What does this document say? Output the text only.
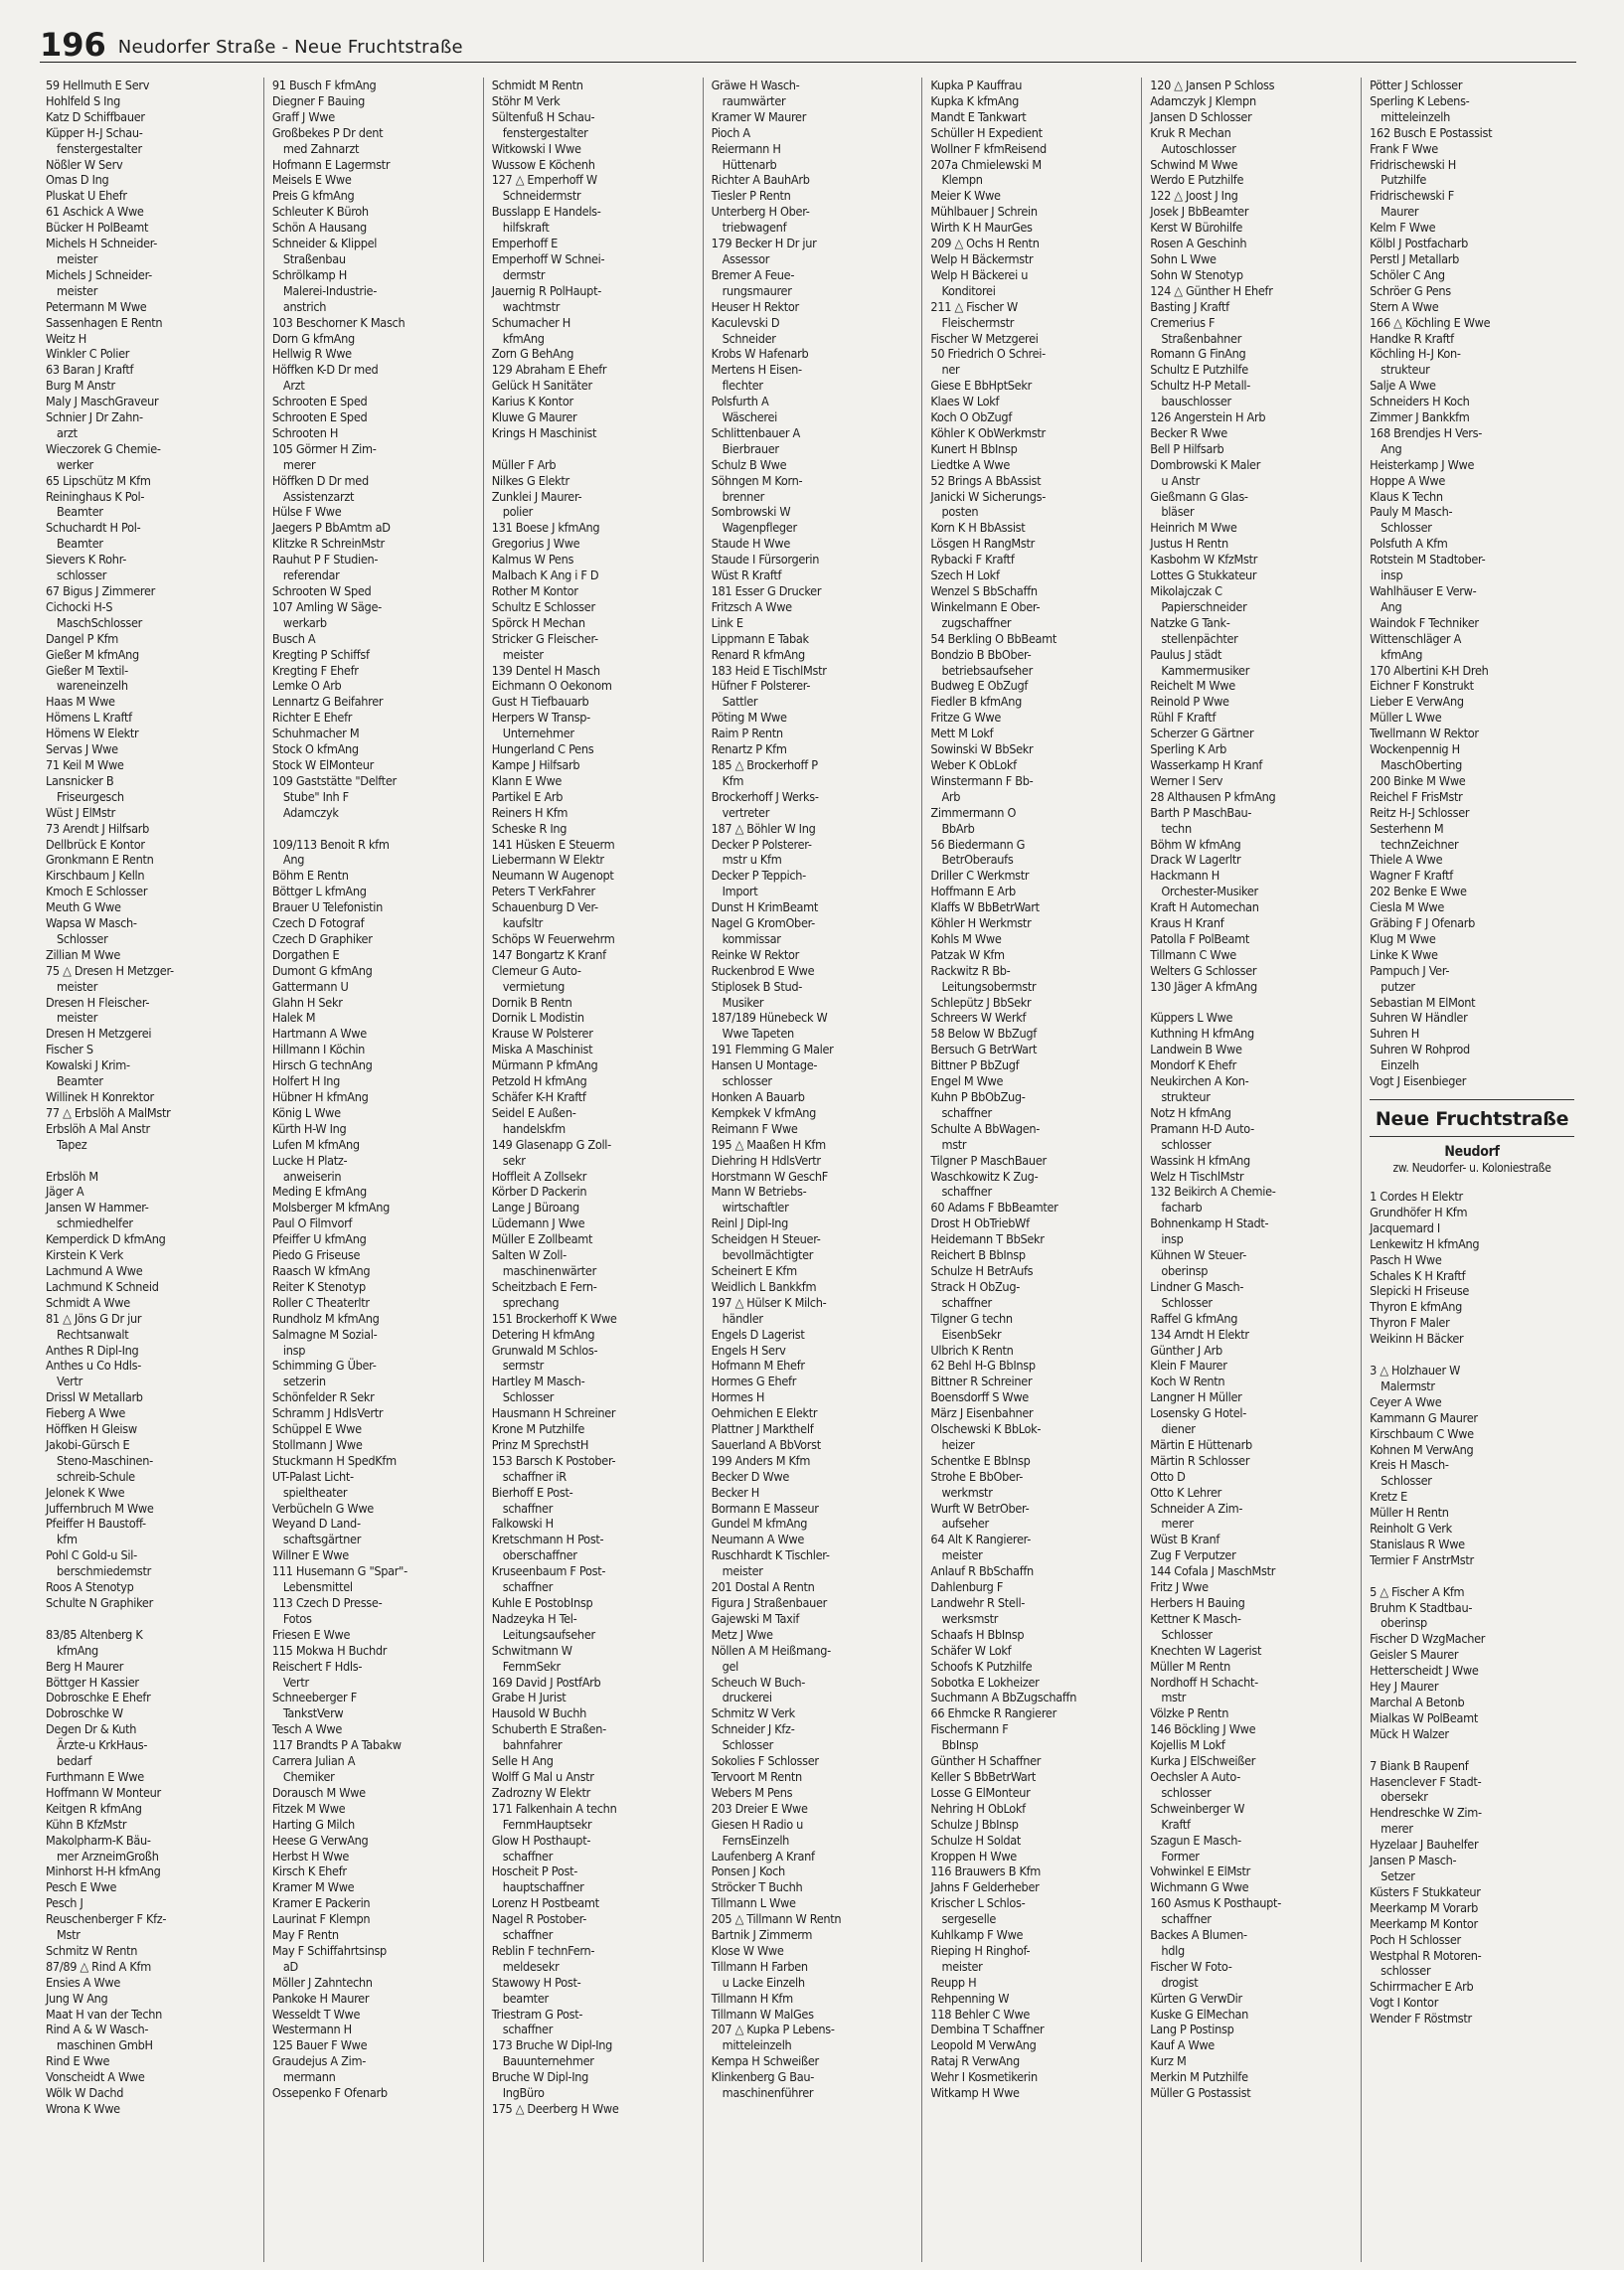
196 Neudorfer Straße - Neue Fruchtstraße
59 Hellmuth E Serv
Hohlfeld S Ing
Katz D Schiffbauer
Küpper H-J Schau-
 fenstergestalter
Nößler W Serv
Omas D Ing
Pluskat U Ehefr
61 Aschick A Wwe
Bücker H PolBeamt
Michels H Schneider-
 meister
Michels J Schneider-
 meister
Petermann M Wwe
Sassenhagen E Rentn
Weitz H
Winkler C Polier
63 Baran J Kraftf
Burg M Anstr
Maly J MaschGraveur
Schnier J Dr Zahn-
 arzt
Wieczorek G Chemie-
 werker
65 Lipschütz M Kfm
Reininghaus K Pol-
 Beamter
Schuchardt H Pol-
 Beamter
Sievers K Rohr-
 schlosser
67 Bigus J Zimmerer
Cichocki H-S
 MaschSchlosser
Dangel P Kfm
Gießer M kfmAng
Gießer M Textil-
 wareneinzelh
Haas M Wwe
Hömens L Kraftf
Hömens W Elektr
Servas J Wwe
71 Keil M Wwe
Lansnicker B
 Friseurgesch
Wüst J ElMstr
73 Arendt J Hilfsarb
Dellbrück E Kontor
Gronkmann E Rentn
Kirschbaum J Kelln
Kmoch E Schlosser
Meuth G Wwe
Wapsa W Masch-
 Schlosser
Zillian M Wwe
75 △ Dresen H Metzger-
 meister
Dresen H Fleischer-
 meister
Dresen H Metzgerei
Fischer S
Kowalski J Krim-
 Beamter
Willinek H Konrektor
77 △ Erbslöh A MalMstr
Erbslöh A Mal Anstr
 Tapez

Erbslöh M
Jäger A
Jansen W Hammer-
 schmiedhelfer
Kemperdick D kfmAng
Kirstein K Verk
Lachmund A Wwe
Lachmund K Schneid
Schmidt A Wwe
81 △ Jöns G Dr jur
 Rechtsanwalt
Anthes R Dipl-Ing
Anthes u Co Hdls-
 Vertr
Drissl W Metallarb
Fieberg A Wwe
Höffken H Gleisw
Jakobi-Gürsch E
 Steno-Maschinen-
 schreib-Schule
Jelonek K Wwe
Juffernbruch M Wwe
Pfeiffer H Baustoff-
 kfm
Pohl C Gold-u Sil-
 berschmiedemstr
Roos A Stenotyp
Schulte N Graphiker

83/85 Altenberg K
 kfmAng
Berg H Maurer
Böttger H Kassier
Dobroschke E Ehefr
Dobroschke W
Degen Dr & Kuth
 Ärzte-u KrkHaus-
 bedarf
Furthmann E Wwe
Hoffmann W Monteur
Keitgen R kfmAng
Kühn B KfzMstr
Makolpharm-K Bäu-
 mer ArzneimGroßh
Minhorst H-H kfmAng
Pesch E Wwe
Pesch J
Reuschenberger F Kfz-
 Mstr
Schmitz W Rentn
87/89 △ Rind A Kfm
Ensies A Wwe
Jung W Ang
Maat H van der Techn
Rind A & W Wasch-
 maschinen GmbH
Rind E Wwe
Vonscheidt A Wwe
Wölk W Dachd
Wrona K Wwe
91 Busch F kfmAng
Diegner F Bauing
Graff J Wwe
Großbekes P Dr dent
 med Zahnarzt
Hofmann E Lagermstr
Meisels E Wwe
Preis G kfmAng
Schleuter K Büroh
Schön A Hausang
Schneider & Klippel
 Straßenbau
Schrölkamp H
 Malerei-Industrie-
 anstrich
103 Beschorner K Masch
Dorn G kfmAng
Hellwig R Wwe
Höffken K-D Dr med
 Arzt
Schrooten E Sped
Schrooten E Sped
Schrooten H
105 Görmer H Zim-
 merer
Höffken D Dr med
 Assistenzarzt
Hülse F Wwe
Jaegers P BbAmtm aD
Klitzke R SchreinMstr
Rauhut P F Studien-
 referendar
Schrooten W Sped
107 Amling W Säge-
 werkarb
Busch A
Kregting P Schiffsf
Kregting F Ehefr
Lemke O Arb
Lennartz G Beifahrer
Richter E Ehefr
Schuhmacher M
Stock O kfmAng
Stock W ElMonteur
109 Gaststätte "Delfter
 Stube" Inh F
 Adamczyk

109/113 Benoit R kfm
 Ang
Böhm E Rentn
Böttger L kfmAng
Brauer U Telefonistin
Czech D Fotograf
Czech D Graphiker
Dorgathen E
Dumont G kfmAng
Gattermann U
Glahn H Sekr
Halek M
Hartmann A Wwe
Hillmann I Köchin
Hirsch G technAng
Holfert H Ing
Hübner H kfmAng
König L Wwe
Kürth H-W Ing
Lufen M kfmAng
Lucke H Platz-
 anweiserin
Meding E kfmAng
Molsberger M kfmAng
Paul O Filmvorf
Pfeiffer U kfmAng
Piedo G Friseuse
Raasch W kfmAng
Reiter K Stenotyp
Roller C Theaterltr
Rundholz M kfmAng
Salmagne M Sozial-
 insp
Schimming G Über-
 setzerin
Schönfelder R Sekr
Schramm J HdlsVertr
Schüppel E Wwe
Stollmann J Wwe
Stuckmann H SpedKfm
UT-Palast Licht-
 spieltheater
Verbücheln G Wwe
Weyand D Land-
 schaftsgärtner
Willner E Wwe
111 Husemann G "Spar"-
 Lebensmittel
113 Czech D Presse-
 Fotos
Friesen E Wwe
115 Mokwa H Buchdr
Reischert F Hdls-
 Vertr
Schneeberger F
 TankstVerw
Tesch A Wwe
117 Brandts P A Tabakw
Carrera Julian A
 Chemiker
Dorausch M Wwe
Fitzek M Wwe
Harting G Milch
Heese G VerwAng
Herbst H Wwe
Kirsch K Ehefr
Kramer M Wwe
Kramer E Packerin
Laurinat F Klempn
May F Rentn
May F Schiffahrtsinsp
 aD
Möller J Zahntechn
Pankoke H Maurer
Wesseldt T Wwe
Westermann H
125 Bauer F Wwe
Graudejus A Zim-
 mermann
Ossepenko F Ofenarb
Schmidt M Rentn
Stöhr M Verk
Sültenfuß H Schau-
 fenstergestalter
Witkowski I Wwe
Wussow E Köchenh
127 △ Emperhoff W
 Schneidermstr
Busslapp E Handels-
 hilfskraft
Emperhoff E
Emperhoff W Schnei-
 dermstr
Jauernig R PolHaupt-
 wachtmstr
Schumacher H
 kfmAng
Zorn G BehAng
129 Abraham E Ehefr
Gelück H Sanitäter
Karius K Kontor
Kluwe G Maurer
Krings H Maschinist

Müller F Arb
Nilkes G Elektr
Zunklei J Maurer-
 polier
131 Boese J kfmAng
Gregorius J Wwe
Kalmus W Pens
Malbach K Ang i F D
Rother M Kontor
Schultz E Schlosser
Spörck H Mechan
Stricker G Fleischer-
 meister
139 Dentel H Masch
Eichmann O Oekonom
Gust H Tiefbauarb
Herpers W Transp-
 Unternehmer
Hungerland C Pens
Kampe J Hilfsarb
Klann E Wwe
Partikel E Arb
Reiners H Kfm
Scheske R Ing
141 Hüsken E Steuerm
Liebermann W Elektr
Neumann W Augenopt
Peters T VerkFahrer
Schauenburg D Ver-
 kaufsltr
Schöps W Feuerwehrm
147 Bongartz K Kranf
Clemeur G Auto-
 vermietung
Dornik B Rentn
Dornik L Modistin
Krause W Polsterer
Miska A Maschinist
Mürmann P kfmAng
Petzold H kfmAng
Schäfer K-H Kraftf
Seidel E Außen-
 handelskfm
149 Glasenapp G Zoll-
 sekr
Hoffleit A Zollsekr
Körber D Packerin
Lange J Büroang
Lüdemann J Wwe
Müller E Zollbeamt
Salten W Zoll-
 maschinenwärter
Scheitzbach E Fern-
 sprechang
151 Brockerhoff K Wwe
Detering H kfmAng
Grunwald M Schlos-
 sermstr
Hartley M Masch-
 Schlosser
Hausmann H Schreiner
Krone M Putzhilfe
Prinz M SprechstH
153 Barsch K Postober-
 schaffner iR
Bierhoff E Post-
 schaffner
Falkowski H
Kretschmann H Post-
 oberschaffner
Kruseenbaum F Post-
 schaffner
Kuhle E PostobInsp
Nadzeyka H Tel-
 Leitungsaufseher
Schwitmann W
 FernmSekr
169 David J PostfArb
Grabe H Jurist
Hausold W Buchh
Schuberth E Straßen-
 bahnfahrer
Selle H Ang
Wolff G Mal u Anstr
Zadrozny W Elektr
171 Falkenhain A techn
 FernmHauptsekr
Glow H Posthaupt-
 schaffner
Hoscheit P Post-
 hauptschaffner
Lorenz H Postbeamt
Nagel R Postober-
 schaffner
Reblin F technFern-
 meldesekr
Stawowy H Post-
 beamter
Triestram G Post-
 schaffner
173 Bruche W Dipl-Ing
 Bauunternehmer
Bruche W Dipl-Ing
 IngBüro
175 △ Deerberg H Wwe
Gräwe H Wasch-
 raumwärter
Kramer W Maurer
Pioch A
Reiermann H
 Hüttenarb
Richter A BauhArb
Tiesler P Rentn
Unterberg H Ober-
 triebwagenf
179 Becker H Dr jur
 Assessor
Bremer A Feue-
 rungsmaurer
Heuser H Rektor
Kaculevski D
 Schneider
Krobs W Hafenarb
Mertens H Eisen-
 flechter
Polsfurth A
 Wäscherei
Schlittenbauer A
 Bierbrauer
Schulz B Wwe
Söhngen M Korn-
 brenner
Sombrowski W
 Wagenpfleger
Staude H Wwe
Staude I Fürsorgerin
Wüst R Kraftf
181 Esser G Drucker
Fritzsch A Wwe
Link E
Lippmann E Tabak
Renard R kfmAng
183 Heid E TischlMstr
Hüfner F Polsterer-
 Sattler
Pöting M Wwe
Raim P Rentn
Renartz P Kfm
185 △ Brockerhoff P
 Kfm
Brockerhoff J Werks-
 vertreter
187 △ Böhler W Ing
Decker P Polsterer-
 mstr u Kfm
Decker P Teppich-
 Import
Dunst H KrimBeamt
Nagel G KromOber-
 kommissar
Reinke W Rektor
Ruckenbrod E Wwe
Stiplosek B Stud-
 Musiker
187/189 Hünebeck W
 Wwe Tapeten
191 Flemming G Maler
Hansen U Montage-
 schlosser
Honken A Bauarb
Kempkek V kfmAng
Reimann F Wwe
195 △ Maaßen H Kfm
Diehring H HdlsVertr
Horstmann W GeschF
Mann W Betriebs-
 wirtschaftler
Reinl J Dipl-Ing
Scheidgen H Steuer-
 bevollmächtigter
Scheinert E Kfm
Weidlich L Bankkfm
197 △ Hülser K Milch-
 händler
Engels D Lagerist
Engels H Serv
Hofmann M Ehefr
Hormes G Ehefr
Hormes H
Oehmichen E Elektr
Plattner J Markthelf
Sauerland A BbVorst
199 Anders M Kfm
Becker D Wwe
Becker H
Bormann E Masseur
Gundel M kfmAng
Neumann A Wwe
Ruschhardt K Tischler-
 meister
201 Dostal A Rentn
Figura J Straßenbauer
Gajewski M Taxif
Metz J Wwe
Nöllen A M Heißmang-
 gel
Scheuch W Buch-
 druckerei
Schmitz W Verk
Schneider J Kfz-
 Schlosser
Sokolies F Schlosser
Tervoort M Rentn
Webers M Pens
203 Dreier E Wwe
Giesen H Radio u
 FernsEinzelh
Laufenberg A Kranf
Ponsen J Koch
Ströcker T Buchh
Tillmann L Wwe
205 △ Tillmann W Rentn
Bartnik J Zimmerm
Klose W Wwe
Tillmann H Farben
 u Lacke Einzelh
Tillmann H Kfm
Tillmann W MalGes
207 △ Kupka P Lebens-
 mitteleinzelh
Kempa H Schweißer
Klinkenberg G Bau-
 maschinenführer
Kupka P Kauffrau
Kupka K kfmAng
Mandt E Tankwart
Schüller H Expedient
Wollner F kfmReisend
207a Chmielewski M
 Klempn
Meier K Wwe
Mühlbauer J Schrein
Wirth K H MaurGes
209 △ Ochs H Rentn
Welp H Bäckermstr
Welp H Bäckerei u
 Konditorei
211 △ Fischer W
 Fleischermstr
Fischer W Metzgerei
50 Friedrich O Schrei-
 ner
Giese E BbHptSekr
Klaes W Lokf
Koch O ObZugf
Köhler K ObWerkmstr
Kunert H BbInsp
Liedtke A Wwe
52 Brings A BbAssist
Janicki W Sicherungs-
 posten
Korn K H BbAssist
Lösgen H RangMstr
Rybacki F Kraftf
Szech H Lokf
Wenzel S BbSchaffn
Winkelmann E Ober-
 zugschaffner
54 Berkling O BbBeamt
Bondzio B BbOber-
 betriebsaufseher
Budweg E ObZugf
Fiedler B kfmAng
Fritze G Wwe
Mett M Lokf
Sowinski W BbSekr
Weber K ObLokf
Winstermann F Bb-
 Arb
Zimmermann O
 BbArb
56 Biedermann G
 BetrOberaufs
Driller C Werkmstr
Hoffmann E Arb
Klaffs W BbBetrWart
Köhler H Werkmstr
Kohls M Wwe
Patzak W Kfm
Rackwitz R Bb-
 Leitungsobermstr
Schlepütz J BbSekr
Schreers W Werkf
58 Below W BbZugf
Bersuch G BetrWart
Bittner P BbZugf
Engel M Wwe
Kuhn P BbObZug-
 schaffner
Schulte A BbWagen-
 mstr
Tilgner P MaschBauer
Waschkowitz K Zug-
 schaffner
60 Adams F BbBeamter
Drost H ObTriebWf
Heidemann T BbSekr
Reichert B BbInsp
Schulze H BetrAufs
Strack H ObZug-
 schaffner
Tilgner G techn
 EisenbSekr
Ulbrich K Rentn
62 Behl H-G BbInsp
Bittner R Schreiner
Boensdorff S Wwe
März J Eisenbahner
Olschewski K BbLok-
 heizer
Schentke E BbInsp
Strohe E BbOber-
 werkmstr
Wurft W BetrOber-
 aufseher
64 Alt K Rangierer-
 meister
Anlauf R BbSchaffn
Dahlenburg F
Landwehr R Stell-
 werksmstr
Schaafs H BbInsp
Schäfer W Lokf
Schoofs K Putzhilfe
Sobotka E Lokheizer
Suchmann A BbZugschaffn
66 Ehmcke R Rangierer
Fischermann F
 BbInsp
Günther H Schaffner
Keller S BbBetrWart
Losse G ElMonteur
Nehring H ObLokf
Schulze J BbInsp
Schulze H Soldat
Kroppen H Wwe
116 Brauwers B Kfm
Jahns F Gelderheber
Krischer L Schlos-
 sergeselle
Kuhlkamp F Wwe
Rieping H Ringhof-
 meister
Reupp H
Rehpenning W
118 Behler C Wwe
Dembina T Schaffner
Leopold M VerwAng
Rataj R VerwAng
Wehr I Kosmetikerin
Witkamp H Wwe
120 △ Jansen P Schloss
Adamczyk J Klempn
Jansen D Schlosser
Kruk R Mechan
 Autoschlosser
Schwind M Wwe
Werdo E Putzhilfe
122 △ Joost J Ing
Josek J BbBeamter
Kerst W Bürohilfe
Rosen A Geschinh
Sohn L Wwe
Sohn W Stenotyp
124 △ Günther H Ehefr
Basting J Kraftf
Cremerius F
 Straßenbahner
Romann G FinAng
Schultz E Putzhilfe
Schultz H-P Metall-
 bauschlosser
126 Angerstein H Arb
Becker R Wwe
Bell P Hilfsarb
Dombrowski K Maler
 u Anstr
Gießmann G Glas-
 bläser
Heinrich M Wwe
Justus H Rentn
Kasbohm W KfzMstr
Lottes G Stukkateur
Mikolajczak C
 Papierschneider
Natzke G Tank-
 stellenpächter
Paulus J städt
 Kammermusiker
Reichelt M Wwe
Reinold P Wwe
Rühl F Kraftf
Scherzer G Gärtner
Sperling K Arb
Wasserkamp H Kranf
Werner I Serv
28 Althausen P kfmAng
Barth P MaschBau-
 techn
Böhm W kfmAng
Drack W Lagerltr
Hackmann H
 Orchester-Musiker
Kraft H Automechan
Kraus H Kranf
Patolla F PolBeamt
Tillmann C Wwe
Welters G Schlosser
130 Jäger A kfmAng

Küppers L Wwe
Kuthning H kfmAng
Landwein B Wwe
Mondorf K Ehefr
Neukirchen A Kon-
 strukteur
Notz H kfmAng
Pramann H-D Auto-
 schlosser
Wassink H kfmAng
Welz H TischlMstr
132 Beikirch A Chemie-
 facharb
Bohnenkamp H Stadt-
 insp
Kühnen W Steuer-
 oberinsp
Lindner G Masch-
 Schlosser
Raffel G kfmAng
134 Arndt H Elektr
Günther J Arb
Klein F Maurer
Koch W Rentn
Langner H Müller
Losensky G Hotel-
 diener
Märtin E Hüttenarb
Märtin R Schlosser
Otto D
Otto K Lehrer
Schneider A Zim-
 merer
Wüst B Kranf
Zug F Verputzer
144 Cofala J MaschMstr
Fritz J Wwe
Herbers H Bauing
Kettner K Masch-
 Schlosser
Knechten W Lagerist
Müller M Rentn
Nordhoff H Schacht-
 mstr
Völzke P Rentn
146 Böckling J Wwe
Kojellis M Lokf
Kurka J ElSchweißer
Oechsler A Auto-
 schlosser
Schweinberger W
 Kraftf
Szagun E Masch-
 Former
Vohwinkel E ElMstr
Wichmann G Wwe
160 Asmus K Posthaupt-
 schaffner
Backes A Blumen-
 hdlg
Fischer W Foto-
 drogist
Kürten G VerwDir
Kuske G ElMechan
Lang P Postinsp
Kauf A Wwe
Kurz M
Merkin M Putzhilfe
Müller G Postassist
Pötter J Schlosser
Sperling K Lebens-
 mitteleinzelh
162 Busch E Postassist
Frank F Wwe
Fridrischewski H
 Putzhilfe
Fridrischewski F
 Maurer
Kelm F Wwe
Kölbl J Postfacharb
Perstl J Metallarb
Schöler C Ang
Schröer G Pens
Stern A Wwe
166 △ Köchling E Wwe
Handke R Kraftf
Köchling H-J Kon-
 strukteur
Salje A Wwe
Schneiders H Koch
Zimmer J Bankkfm
168 Brendjes H Vers-
 Ang
Heisterkamp J Wwe
Hoppe A Wwe
Klaus K Techn
Pauly M Masch-
 Schlosser
Polsfuth A Kfm
Rotstein M Stadtober-
 insp
Wahlhäuser E Verw-
 Ang
Waindok F Techniker
Wittenschläger A
 kfmAng
170 Albertini K-H Dreh
Eichner F Konstrukt
Lieber E VerwAng
Müller L Wwe
Twellmann W Rektor
Wockenpennig H
 MaschOberting
200 Binke M Wwe
Reichel F FrisMstr
Reitz H-J Schlosser
Sesterhenn M
 technZeichner
Thiele A Wwe
Wagner F Kraftf
202 Benke E Wwe
Ciesla M Wwe
Gräbing F J Ofenarb
Klug M Wwe
Linke K Wwe
Pampuch J Ver-
 putzer
Sebastian M ElMont
Suhren W Händler
Suhren H
Suhren W Rohprod
 Einzelh
Vogt J Eisenbieger
Neue Fruchtstraße
Neudorf
zw. Neudorfer- u. Koloniestraße
1 Cordes H Elektr
Grundhöfer H Kfm
Jacquemard I
Lenkewitz H kfmAng
Pasch H Wwe
Schales K H Kraftf
Slepicki H Friseuse
Thyron E kfmAng
Thyron F Maler
Weikinn H Bäcker

3 △ Holzhauer W
 Malermstr
Ceyer A Wwe
Kammann G Maurer
Kirschbaum C Wwe
Kohnen M VerwAng
Kreis H Masch-
 Schlosser
Kretz E
Müller H Rentn
Reinholt G Verk
Stanislaus R Wwe
Termier F AnstrMstr

5 △ Fischer A Kfm
Bruhm K Stadtbau-
 oberinsp
Fischer D WzgMacher
Geisler S Maurer
Hetterscheidt J Wwe
Hey J Maurer
Marchal A Betonb
Mialkas W PolBeamt
Mück H Walzer

7 Biank B Raupenf
Hasenclever F Stadt-
 obersekr
Hendreschke W Zim-
 merer
Hyzelaar J Bauhelfer
Jansen P Masch-
 Setzer
Küsters F Stukkateur
Meerkamp M Vorarb
Meerkamp M Kontor
Poch H Schlosser
Westphal R Motoren-
 schlosser
Schirrmacher E Arb
Vogt I Kontor
Wender F Röstmstr
